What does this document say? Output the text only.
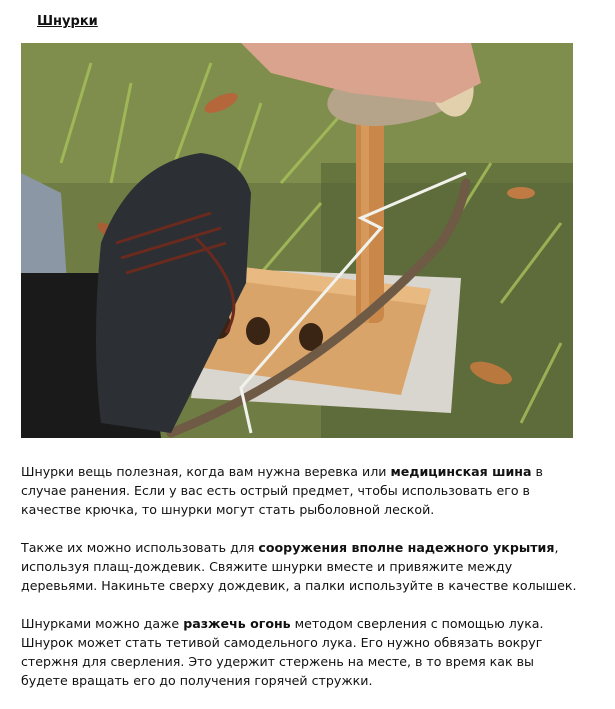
Шнурки

Шнурки вещь полезная, когда вам нужна веревка или медицинская шина в случае ранения. Если у вас есть острый предмет, чтобы использовать его в качестве крючка, то шнурки могут стать рыболовной леской.

Также их можно использовать для сооружения вполне надежного укрытия, используя плащ-дождевик. Свяжите шнурки вместе и привяжите между деревьями. Накиньте сверху дождевик, а палки используйте в качестве колышек.

Шнурками можно даже разжечь огонь методом сверления с помощью лука. Шнурок может стать тетивой самодельного лука. Его нужно обвязать вокруг стержня для сверления. Это удержит стержень на месте, в то время как вы будете вращать его до получения горячей стружки.
